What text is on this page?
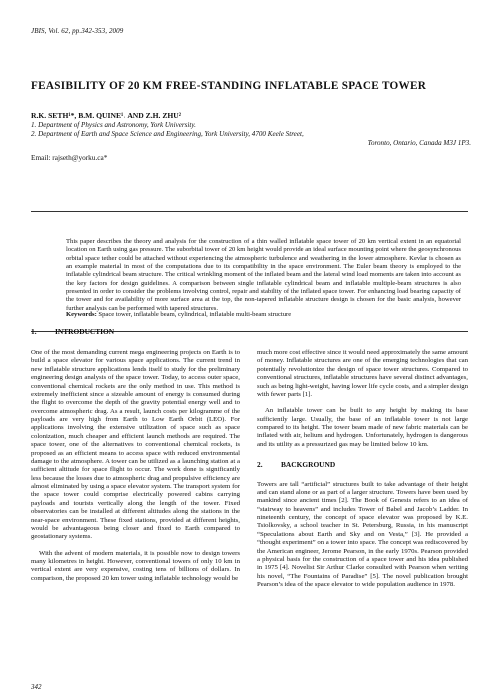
JBIS, Vol. 62, pp.342-353, 2009
FEASIBILITY OF 20 KM FREE-STANDING INFLATABLE SPACE TOWER
R.K. SETH¹*, B.M. QUINE¹˒ AND Z.H. ZHU²
1. Department of Physics and Astronomy, York University.
2. Department of Earth and Space Science and Engineering, York University, 4700 Keele Street,
Toronto, Ontario, Canada M3J 1P3.
Email: rajseth@yorku.ca*
This paper describes the theory and analysis for the construction of a thin walled inflatable space tower of 20 km vertical extent in an equatorial location on Earth using gas pressure. The suborbital tower of 20 km height would provide an ideal surface mounting point where the geosynchronous orbital space tether could be attached without experiencing the atmospheric turbulence and weathering in the lower atmosphere. Kevlar is chosen as an example material in most of the computations due to its compatibility in the space environment. The Euler beam theory is employed to the inflatable cylindrical beam structure. The critical wrinkling moment of the inflated beam and the lateral wind load moments are taken into account as the key factors for design guidelines. A comparison between single inflatable cylindrical beam and inflatable multiple-beam structures is also presented in order to consider the problems involving control, repair and stability of the inflated space tower. For enhancing load bearing capacity of the tower and for availability of more surface area at the top, the non-tapered inflatable structure design is chosen for the basic analysis, however further analysis can be performed with tapered structures.
Keywords: Space tower, inflatable beam, cylindrical, inflatable multi-beam structure
1. INTRODUCTION

One of the most demanding current mega engineering projects on Earth is to build a space elevator for various space applications. The current trend in new inflatable structure applications lends itself to study for the preliminary engineering design analysis of the space tower. Today, to access outer space, conventional chemical rockets are the only method in use. This method is extremely inefficient since a sizeable amount of energy is consumed during the flight to overcome the depth of the gravity potential energy well and to overcome atmospheric drag. As a result, launch costs per kilogramme of the payloads are very high from Earth to Low Earth Orbit (LEO). For applications involving the extensive utilization of space such as space colonization, much cheaper and efficient launch methods are required. The space tower, one of the alternatives to conventional chemical rockets, is proposed as an efficient means to access space with reduced environmental damage to the atmosphere. A tower can be utilized as a launching station at a sufficient altitude for space flight to occur. The work done is significantly less because the losses due to atmospheric drag and propulsive efficiency are almost eliminated by using a space elevator system. The transport system for the space tower could comprise electrically powered cabins carrying payloads and tourists vertically along the length of the tower. Fixed observatories can be installed at different altitudes along the stations in the near-space environment. These fixed stations, provided at different heights, would be advantageous being closer and fixed to Earth compared to geostationary systems.

With the advent of modern materials, it is possible now to design towers many kilometres in height. However, conventional towers of only 10 km in vertical extent are very expensive, costing tens of billions of dollars. In comparison, the proposed 20 km tower using inflatable technology would be

much more cost effective since it would need approximately the same amount of money. Inflatable structures are one of the emerging technologies that can potentially revolutionize the design of space tower structures. Compared to conventional structures, inflatable structures have several distinct advantages, such as being light-weight, having lower life cycle costs, and a simpler design with fewer parts [1].

An inflatable tower can be built to any height by making its base sufficiently large. Usually, the base of an inflatable tower is not large compared to its height. The tower beam made of new fabric materials can be inflated with air, helium and hydrogen. Unfortunately, hydrogen is dangerous and its utility as a pressurized gas may be limited below 10 km.

2. BACKGROUND

Towers are tall “artificial” structures built to take advantage of their height and can stand alone or as part of a larger structure. Towers have been used by mankind since ancient times [2]. The Book of Genesis refers to an idea of “stairway to heavens” and includes Tower of Babel and Jacob’s Ladder. In nineteenth century, the concept of space elevator was proposed by K.E. Tsiolkovsky, a school teacher in St. Petersburg, Russia, in his manuscript “Speculations about Earth and Sky and on Vesta,” [3]. He provided a “thought experiment” on a tower into space. The concept was rediscovered by the American engineer, Jerome Pearson, in the early 1970s. Pearson provided a physical basis for the construction of a space tower and his idea published in 1975 [4]. Novelist Sir Arthur Clarke consulted with Pearson when writing his novel, “The Fountains of Paradise” [5]. The novel publication brought Pearson’s idea of the space elevator to wide population audience in 1978.

342
